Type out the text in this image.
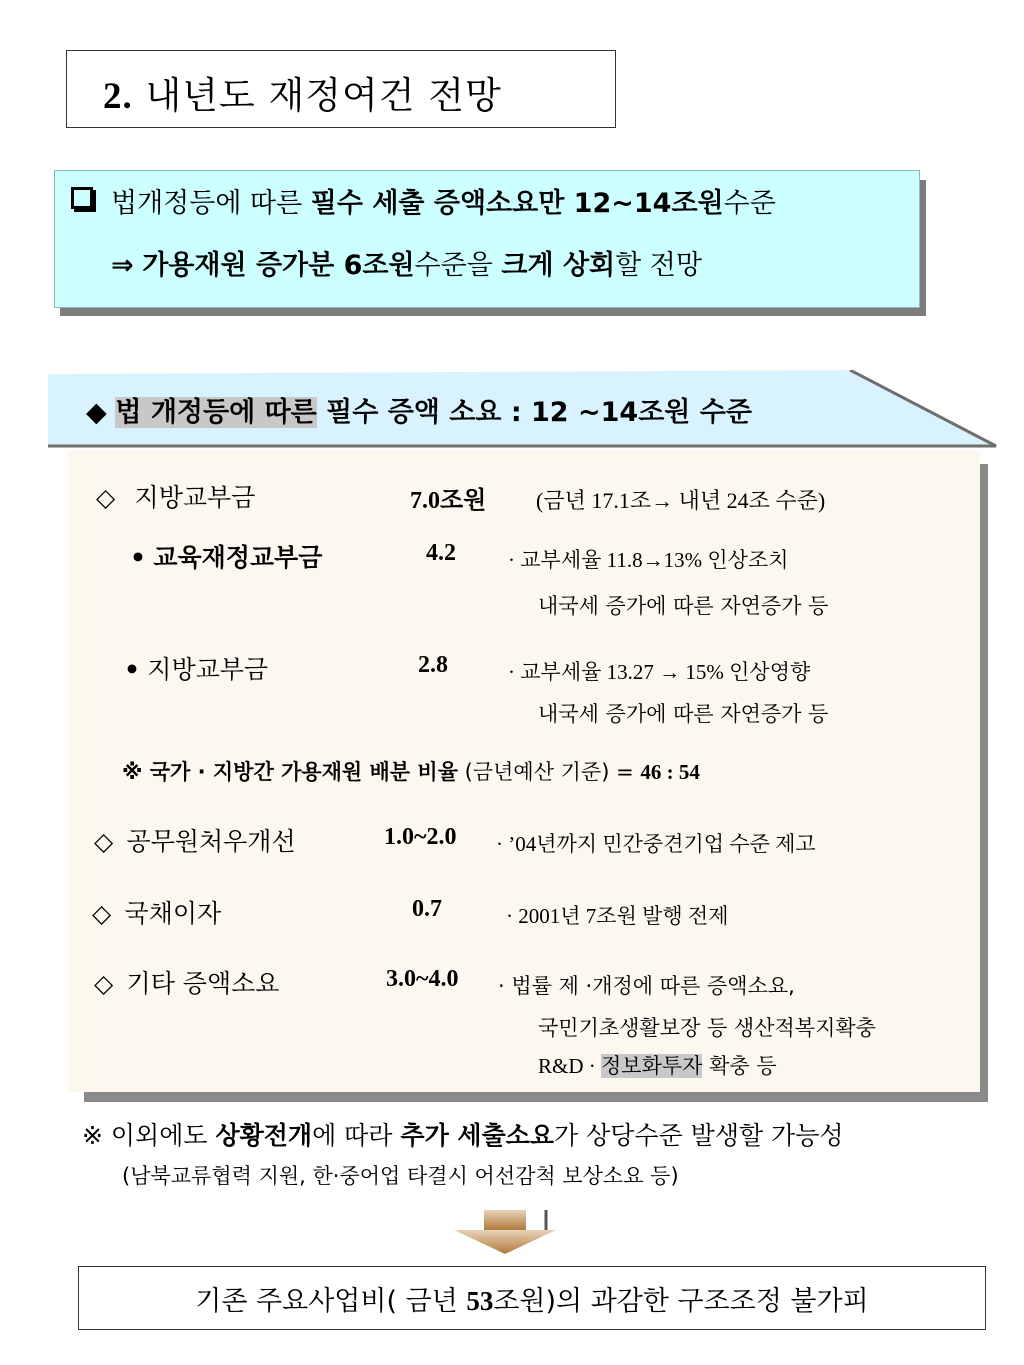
2. 내년도 재정여건 전망
법개정등에 따른 필수 세출 증액소요만 12~14조원수준
⇒ 가용재원 증가분 6조원수준을 크게 상회할 전망
◆ 법 개정등에 따른 필수 증액 소요 : 12 ~14조원 수준
◇ 지방교부금	7.0조원 (금년 17.1조→ 내년 24조 수준)
• 교육재정교부금	4.2 · 교부세율 11.8→13% 인상조치
내국세 증가에 따른 자연증가 등
• 지방교부금	2.8	· 교부세율 13.27 → 15% 인상영향
내국세 증가에 따른 자연증가 등
※ 국가 · 지방간 가용재원 배분 비율 (금년예산 기준) = 46 : 54
◇ 공무원처우개선	1.0~2.0 · ’04년까지 민간중견기업 수준 제고
◇ 국채이자	0.7	· 2001년 7조원 발행 전제
◇ 기타 증액소요	3.0~4.0 · 법률 제 ·개정에 따른 증액소요,
국민기초생활보장 등 생산적복지확충
R&D · 정보화투자 확충 등
※ 이외에도 상황전개에 따라 추가 세출소요가 상당수준 발생할 가능성
(남북교류협력 지원, 한·중어업 타결시 어선감척 보상소요 등)
기존 주요사업비( 금년 53조원)의 과감한 구조조정 불가피
